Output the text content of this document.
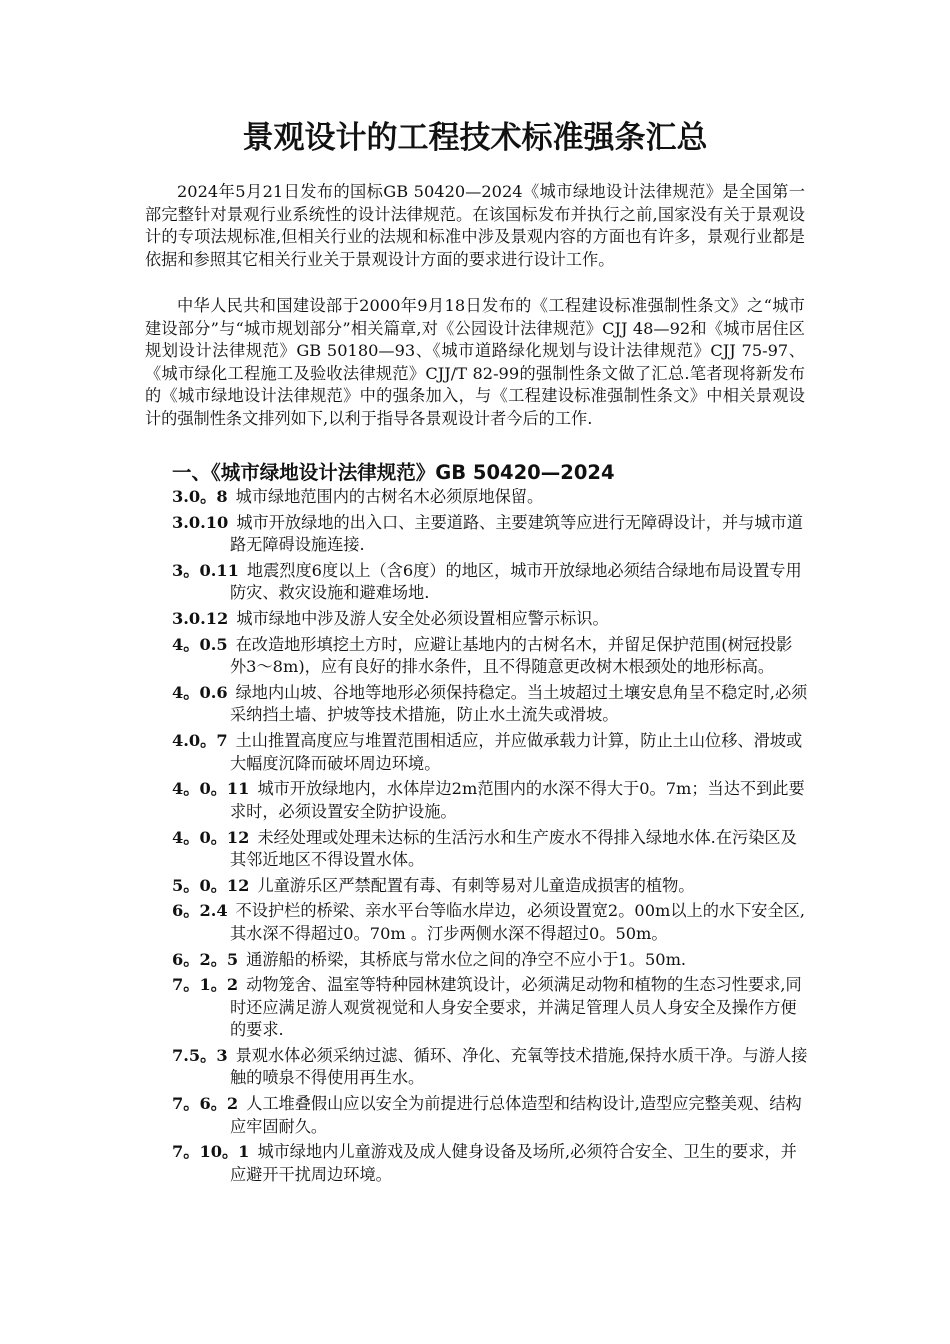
景观设计的工程技术标准强条汇总

2024年5月21日发布的国标GB 50420—2024《城市绿地设计法律规范》是全国第一部完整针对景观行业系统性的设计法律规范。在该国标发布并执行之前,国家没有关于景观设计的专项法规标准,但相关行业的法规和标准中涉及景观内容的方面也有许多，景观行业都是依据和参照其它相关行业关于景观设计方面的要求进行设计工作。

中华人民共和国建设部于2000年9月18日发布的《工程建设标准强制性条文》之“城市建设部分”与“城市规划部分”相关篇章,对《公园设计法律规范》CJJ 48—92和《城市居住区规划设计法律规范》GB 50180—93、《城市道路绿化规划与设计法律规范》CJJ 75-97、《城市绿化工程施工及验收法律规范》CJJ/T 82-99的强制性条文做了汇总.笔者现将新发布的《城市绿地设计法律规范》中的强条加入，与《工程建设标准强制性条文》中相关景观设计的强制性条文排列如下,以利于指导各景观设计者今后的工作.

一、《城市绿地设计法律规范》GB 50420—2024
3.0。8 城市绿地范围内的古树名木必须原地保留。
3.0.10 城市开放绿地的出入口、主要道路、主要建筑等应进行无障碍设计，并与城市道路无障碍设施连接.
3。0.11 地震烈度6度以上（含6度）的地区，城市开放绿地必须结合绿地布局设置专用防灾、救灾设施和避难场地.
3.0.12 城市绿地中涉及游人安全处必须设置相应警示标识。
4。0.5 在改造地形填挖土方时，应避让基地内的古树名木，并留足保护范围(树冠投影外3～8m)，应有良好的排水条件，且不得随意更改树木根颈处的地形标高。
4。0.6 绿地内山坡、谷地等地形必须保持稳定。当土坡超过土壤安息角呈不稳定时,必须采纳挡土墙、护坡等技术措施，防止水土流失或滑坡。
4.0。7 土山推置高度应与堆置范围相适应，并应做承载力计算，防止土山位移、滑坡或大幅度沉降而破坏周边环境。
4。0。11 城市开放绿地内，水体岸边2m范围内的水深不得大于0。7m；当达不到此要求时，必须设置安全防护设施。
4。0。12 未经处理或处理未达标的生活污水和生产废水不得排入绿地水体.在污染区及其邻近地区不得设置水体。
5。0。12 儿童游乐区严禁配置有毒、有刺等易对儿童造成损害的植物。
6。2.4 不设护栏的桥梁、亲水平台等临水岸边，必须设置宽2。00m以上的水下安全区,其水深不得超过0。70m 。汀步两侧水深不得超过0。50m。
6。2。5 通游船的桥梁，其桥底与常水位之间的净空不应小于1。50m.
7。1。2 动物笼舍、温室等特种园林建筑设计，必须满足动物和植物的生态习性要求,同时还应满足游人观赏视觉和人身安全要求，并满足管理人员人身安全及操作方便的要求.
7.5。3 景观水体必须采纳过滤、循环、净化、充氧等技术措施,保持水质干净。与游人接触的喷泉不得使用再生水。
7。6。2 人工堆叠假山应以安全为前提进行总体造型和结构设计,造型应完整美观、结构应牢固耐久。
7。10。1 城市绿地内儿童游戏及成人健身设备及场所,必须符合安全、卫生的要求，并应避开干扰周边环境。
